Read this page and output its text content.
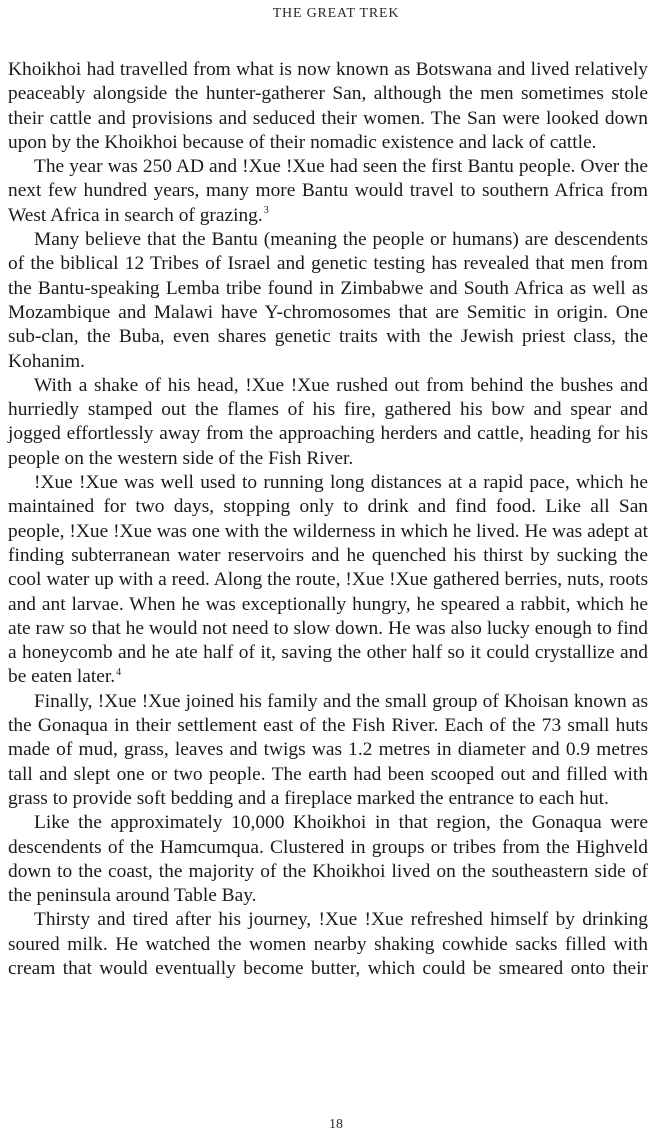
THE GREAT TREK

Khoikhoi had travelled from what is now known as Botswana and lived relatively peaceably alongside the hunter-gatherer San, although the men sometimes stole their cattle and provisions and seduced their women. The San were looked down upon by the Khoikhoi because of their nomadic existence and lack of cattle.

The year was 250 AD and !Xue !Xue had seen the first Bantu people. Over the next few hundred years, many more Bantu would travel to southern Africa from West Africa in search of grazing.$^3$

Many believe that the Bantu (meaning the people or humans) are descendents of the biblical 12 Tribes of Israel and genetic testing has revealed that men from the Bantu-speaking Lemba tribe found in Zimbabwe and South Africa as well as Mozambique and Malawi have Y-chromosomes that are Semitic in origin. One sub-clan, the Buba, even shares genetic traits with the Jewish priest class, the Kohanim.

With a shake of his head, !Xue !Xue rushed out from behind the bushes and hurriedly stamped out the flames of his fire, gathered his bow and spear and jogged effortlessly away from the approaching herders and cattle, heading for his people on the western side of the Fish River.

!Xue !Xue was well used to running long distances at a rapid pace, which he maintained for two days, stopping only to drink and find food. Like all San people, !Xue !Xue was one with the wilderness in which he lived. He was adept at finding subterranean water reservoirs and he quenched his thirst by sucking the cool water up with a reed. Along the route, !Xue !Xue gathered berries, nuts, roots and ant larvae. When he was exceptionally hungry, he speared a rabbit, which he ate raw so that he would not need to slow down. He was also lucky enough to find a honeycomb and he ate half of it, saving the other half so it could crystallize and be eaten later.$^4$

Finally, !Xue !Xue joined his family and the small group of Khoisan known as the Gonaqua in their settlement east of the Fish River. Each of the 73 small huts made of mud, grass, leaves and twigs was 1.2 metres in diameter and 0.9 metres tall and slept one or two people. The earth had been scooped out and filled with grass to provide soft bedding and a fireplace marked the entrance to each hut.

Like the approximately 10,000 Khoikhoi in that region, the Gonaqua were descendents of the Hamcumqua. Clustered in groups or tribes from the Highveld down to the coast, the majority of the Khoikhoi lived on the southeastern side of the peninsula around Table Bay.

Thirsty and tired after his journey, !Xue !Xue refreshed himself by drinking soured milk. He watched the women nearby shaking cowhide sacks filled with cream that would eventually become butter, which could be smeared onto their

18
